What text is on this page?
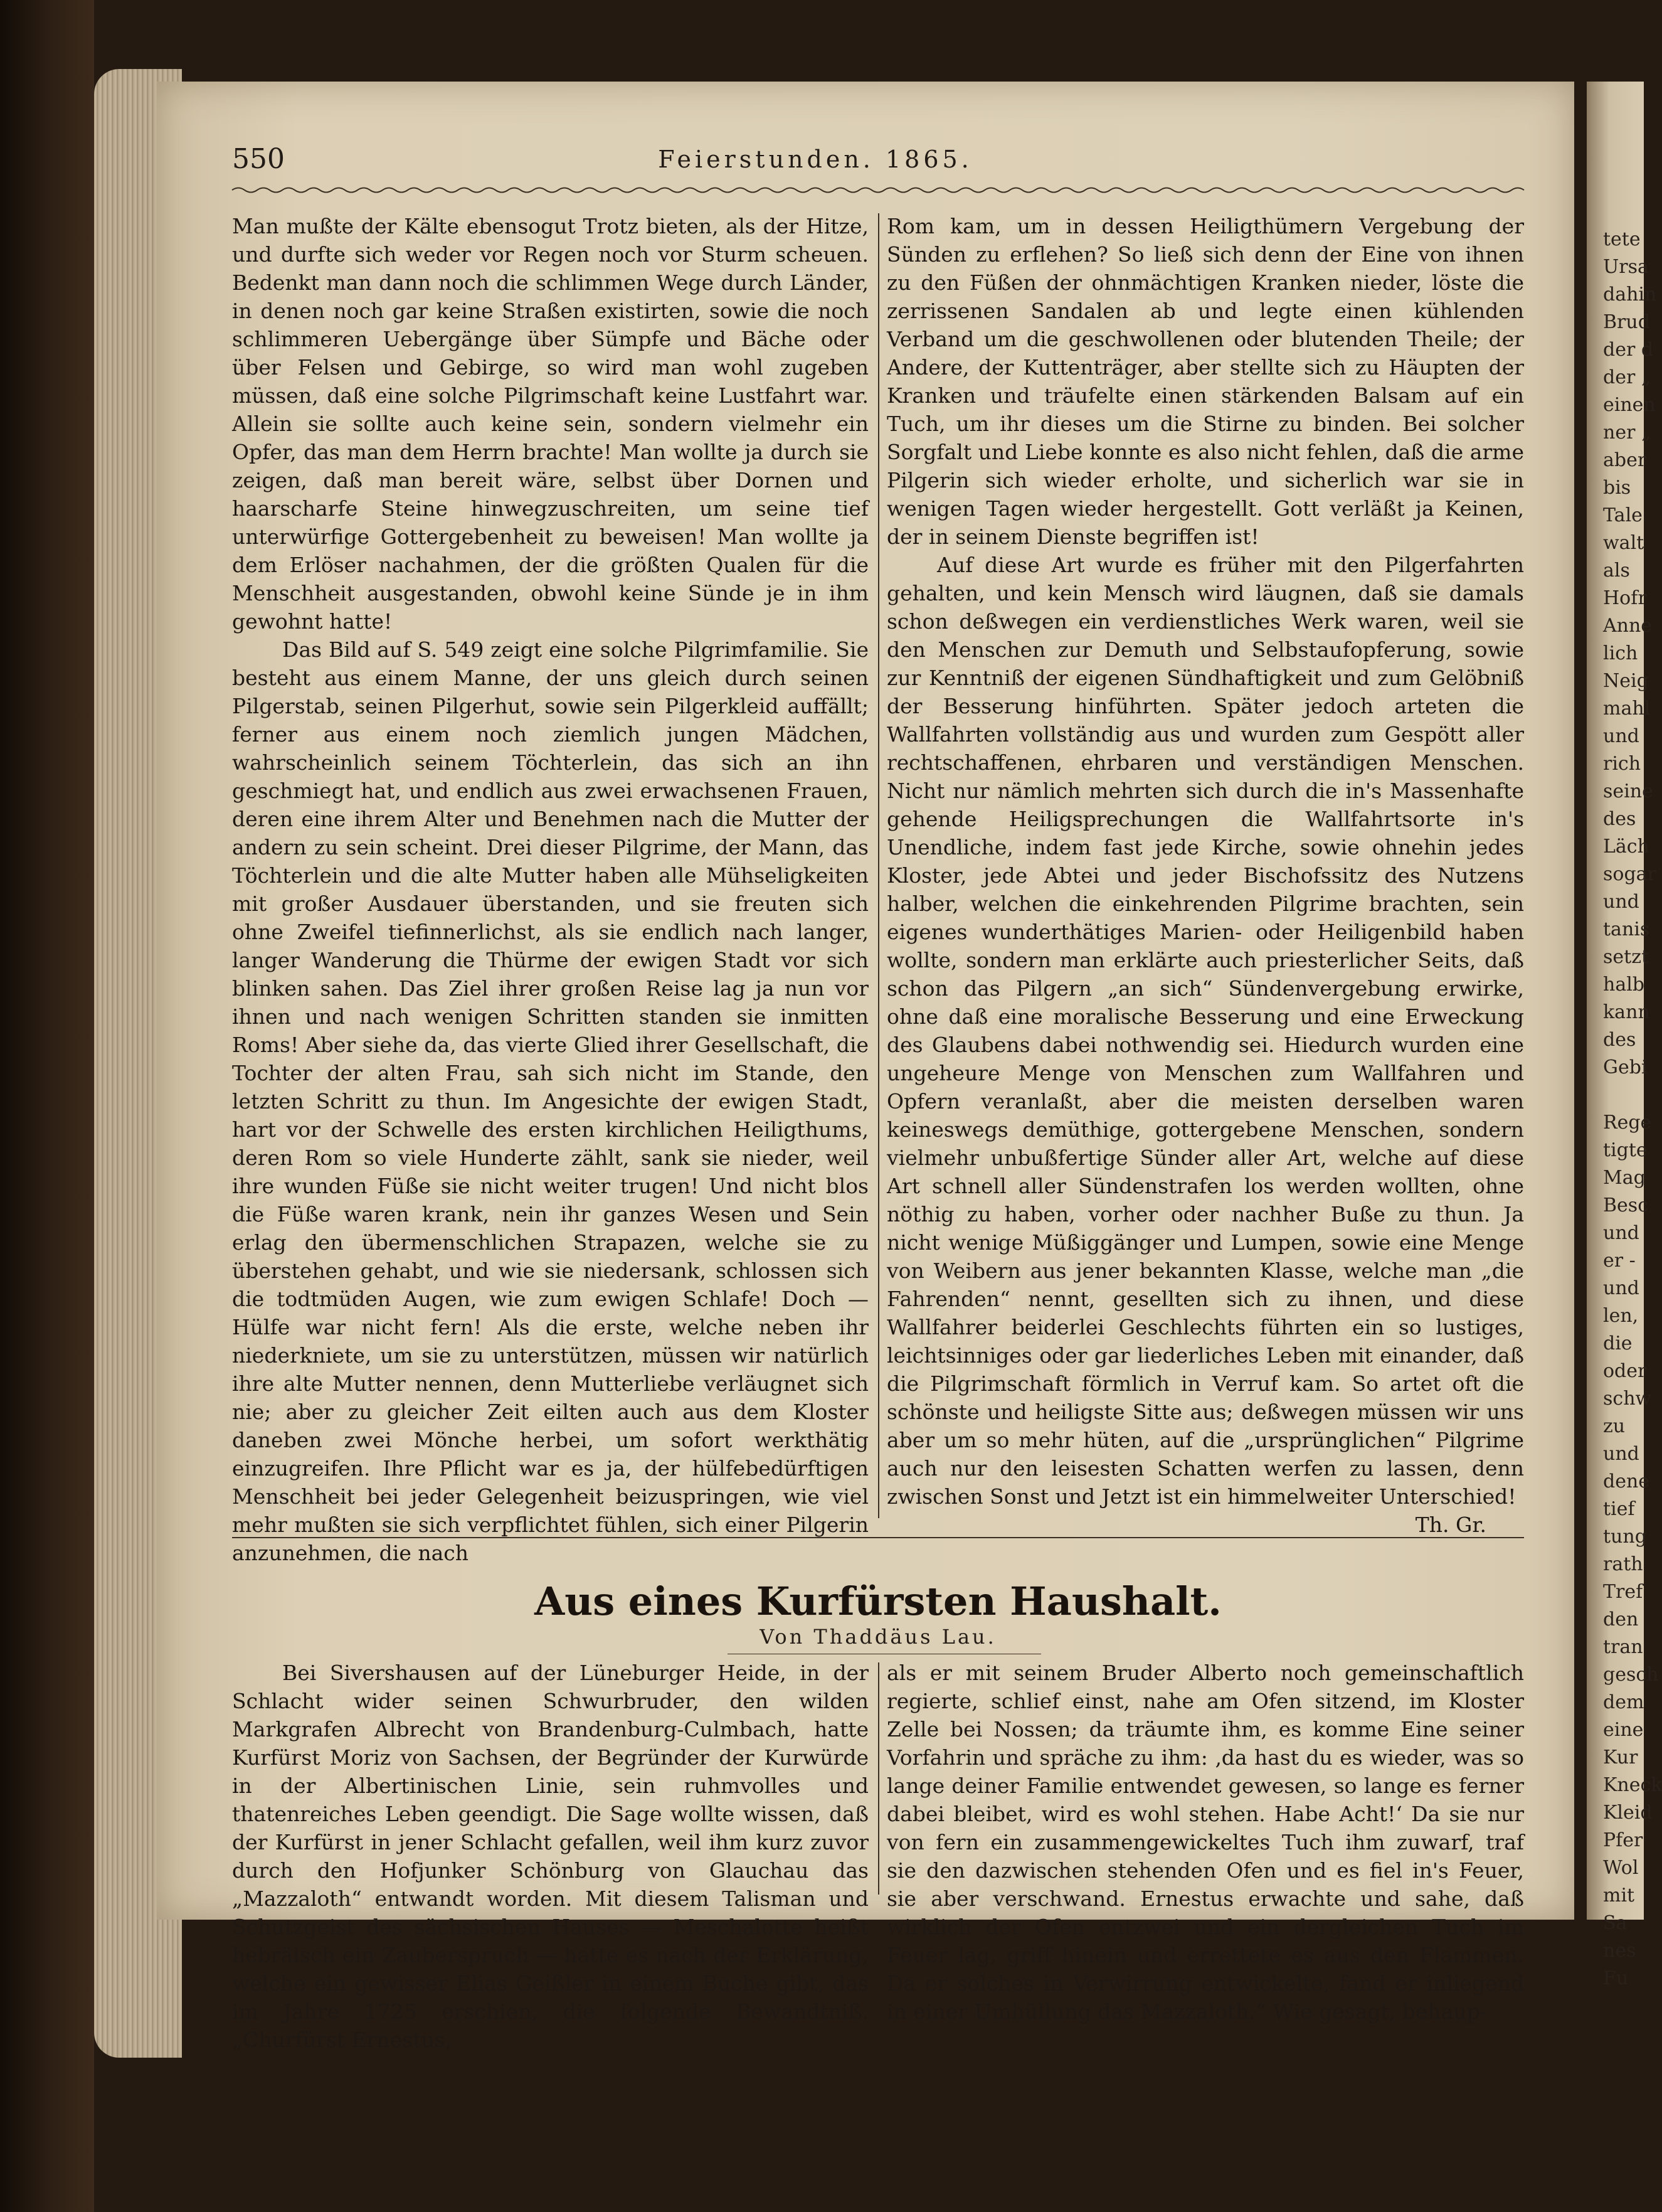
tete
Ursa
dahin
Brud
der d
der „
einen
ner „
aber
bis
Tale
walt
als
Hofr
Anne
lich
Neig
mahl
und
rich
seine
des
Läch
sogar
und
tanis
setzt
halb
kann
des
Gebi
Rege
tigte
Mag
Besc
und
er -
und
len,
die
oder
schw
zu
und
dene
tief
tung
rath
Tref
den
tran
gesch
dem
eine
Kur
Kneck
Kleid
Pfer
Wol
mit
Sa
nes
Fu
550	Feierstunden. 1865.

Man mußte der Kälte ebensogut Trotz bieten, als der Hitze, und durfte sich weder vor Regen noch vor Sturm scheuen. Bedenkt man dann noch die schlimmen Wege durch Länder, in denen noch gar keine Straßen existirten, sowie die noch schlimmeren Uebergänge über Sümpfe und Bäche oder über Felsen und Gebirge, so wird man wohl zugeben müssen, daß eine solche Pilgrimschaft keine Lustfahrt war. Allein sie sollte auch keine sein, sondern vielmehr ein Opfer, das man dem Herrn brachte! Man wollte ja durch sie zeigen, daß man bereit wäre, selbst über Dornen und haarscharfe Steine hinwegzuschreiten, um seine tief unterwürfige Gottergebenheit zu beweisen! Man wollte ja dem Erlöser nachahmen, der die größten Qualen für die Menschheit ausgestanden, obwohl keine Sünde je in ihm gewohnt hatte!

Das Bild auf S. 549 zeigt eine solche Pilgrimfamilie. Sie besteht aus einem Manne, der uns gleich durch seinen Pilgerstab, seinen Pilgerhut, sowie sein Pilgerkleid auffällt; ferner aus einem noch ziemlich jungen Mädchen, wahrscheinlich seinem Töchterlein, das sich an ihn geschmiegt hat, und endlich aus zwei erwachsenen Frauen, deren eine ihrem Alter und Benehmen nach die Mutter der andern zu sein scheint. Drei dieser Pilgrime, der Mann, das Töchterlein und die alte Mutter haben alle Mühseligkeiten mit großer Ausdauer überstanden, und sie freuten sich ohne Zweifel tiefinnerlichst, als sie endlich nach langer, langer Wanderung die Thürme der ewigen Stadt vor sich blinken sahen. Das Ziel ihrer großen Reise lag ja nun vor ihnen und nach wenigen Schritten standen sie inmitten Roms! Aber siehe da, das vierte Glied ihrer Gesellschaft, die Tochter der alten Frau, sah sich nicht im Stande, den letzten Schritt zu thun. Im Angesichte der ewigen Stadt, hart vor der Schwelle des ersten kirchlichen Heiligthums, deren Rom so viele Hunderte zählt, sank sie nieder, weil ihre wunden Füße sie nicht weiter trugen! Und nicht blos die Füße waren krank, nein ihr ganzes Wesen und Sein erlag den übermenschlichen Strapazen, welche sie zu überstehen gehabt, und wie sie niedersank, schlossen sich die todtmüden Augen, wie zum ewigen Schlafe! Doch — Hülfe war nicht fern! Als die erste, welche neben ihr niederkniete, um sie zu unterstützen, müssen wir natürlich ihre alte Mutter nennen, denn Mutterliebe verläugnet sich nie; aber zu gleicher Zeit eilten auch aus dem Kloster daneben zwei Mönche herbei, um sofort werkthätig einzugreifen. Ihre Pflicht war es ja, der hülfebedürftigen Menschheit bei jeder Gelegenheit beizuspringen, wie viel mehr mußten sie sich verpflichtet fühlen, sich einer Pilgerin anzunehmen, die nach

Rom kam, um in dessen Heiligthümern Vergebung der Sünden zu erflehen? So ließ sich denn der Eine von ihnen zu den Füßen der ohnmächtigen Kranken nieder, löste die zerrissenen Sandalen ab und legte einen kühlenden Verband um die geschwollenen oder blutenden Theile; der Andere, der Kuttenträger, aber stellte sich zu Häupten der Kranken und träufelte einen stärkenden Balsam auf ein Tuch, um ihr dieses um die Stirne zu binden. Bei solcher Sorgfalt und Liebe konnte es also nicht fehlen, daß die arme Pilgerin sich wieder erholte, und sicherlich war sie in wenigen Tagen wieder hergestellt. Gott verläßt ja Keinen, der in seinem Dienste begriffen ist!

Auf diese Art wurde es früher mit den Pilgerfahrten gehalten, und kein Mensch wird läugnen, daß sie damals schon deßwegen ein verdienstliches Werk waren, weil sie den Menschen zur Demuth und Selbstaufopferung, sowie zur Kenntniß der eigenen Sündhaftigkeit und zum Gelöbniß der Besserung hinführten. Später jedoch arteten die Wallfahrten vollständig aus und wurden zum Gespött aller rechtschaffenen, ehrbaren und verständigen Menschen. Nicht nur nämlich mehrten sich durch die in's Massenhafte gehende Heiligsprechungen die Wallfahrtsorte in's Unendliche, indem fast jede Kirche, sowie ohnehin jedes Kloster, jede Abtei und jeder Bischofssitz des Nutzens halber, welchen die einkehrenden Pilgrime brachten, sein eigenes wunderthätiges Marien- oder Heiligenbild haben wollte, sondern man erklärte auch priesterlicher Seits, daß schon das Pilgern „an sich“ Sündenvergebung erwirke, ohne daß eine moralische Besserung und eine Erweckung des Glaubens dabei nothwendig sei. Hiedurch wurden eine ungeheure Menge von Menschen zum Wallfahren und Opfern veranlaßt, aber die meisten derselben waren keineswegs demüthige, gottergebene Menschen, sondern vielmehr unbußfertige Sünder aller Art, welche auf diese Art schnell aller Sündenstrafen los werden wollten, ohne nöthig zu haben, vorher oder nachher Buße zu thun. Ja nicht wenige Müßiggänger und Lumpen, sowie eine Menge von Weibern aus jener bekannten Klasse, welche man „die Fahrenden“ nennt, gesellten sich zu ihnen, und diese Wallfahrer beiderlei Geschlechts führten ein so lustiges, leichtsinniges oder gar liederliches Leben mit einander, daß die Pilgrimschaft förmlich in Verruf kam. So artet oft die schönste und heiligste Sitte aus; deßwegen müssen wir uns aber um so mehr hüten, auf die „ursprünglichen“ Pilgrime auch nur den leisesten Schatten werfen zu lassen, denn zwischen Sonst und Jetzt ist ein himmelweiter Unterschied!

Th. Gr.

Aus eines Kurfürsten Haushalt.
Von Thaddäus Lau.

Bei Sivershausen auf der Lüneburger Heide, in der Schlacht wider seinen Schwurbruder, den wilden Markgrafen Albrecht von Brandenburg-Culmbach, hatte Kurfürst Moriz von Sachsen, der Begründer der Kurwürde in der Albertinischen Linie, sein ruhmvolles und thatenreiches Leben geendigt. Die Sage wollte wissen, daß der Kurfürst in jener Schlacht gefallen, weil ihm kurz zuvor durch den Hofjunker Schönburg von Glauchau das „Mazzaloth“ entwandt worden. Mit diesem Talisman und Schutzgeist des sächsischen Hauses — Meschalotte heißt hebräisch ein Zauberspruch — hatte es nach der Erklärung, welche ein gewisser Elias Geißler in einem Buche gibt, das im Jahre 1725 erschien, die folgende Bewandtniß. „Churfürst Ernestus,

als er mit seinem Bruder Alberto noch gemeinschaftlich regierte, schlief einst, nahe am Ofen sitzend, im Kloster Zelle bei Nossen; da träumte ihm, es komme Eine seiner Vorfahrin und spräche zu ihm: ‚da hast du es wieder, was so lange deiner Familie entwendet gewesen, so lange es ferner dabei bleibet, wird es wohl stehen. Habe Acht!‘ Da sie nur von fern ein zusammengewickeltes Tuch ihm zuwarf, traf sie den dazwischen stehenden Ofen und es fiel in's Feuer, sie aber verschwand. Ernestus erwachte und sahe, daß wirklich der Ofen entzwei und ein dergleichen Tuch im Feuer lag, griff hinein und errettete es aus den Flammen. Da er solches in Verwirrung entwickelte, fand er inliegend in einer Umhüllung das Mazzaloth.“ Wie gesagt, behaup-
